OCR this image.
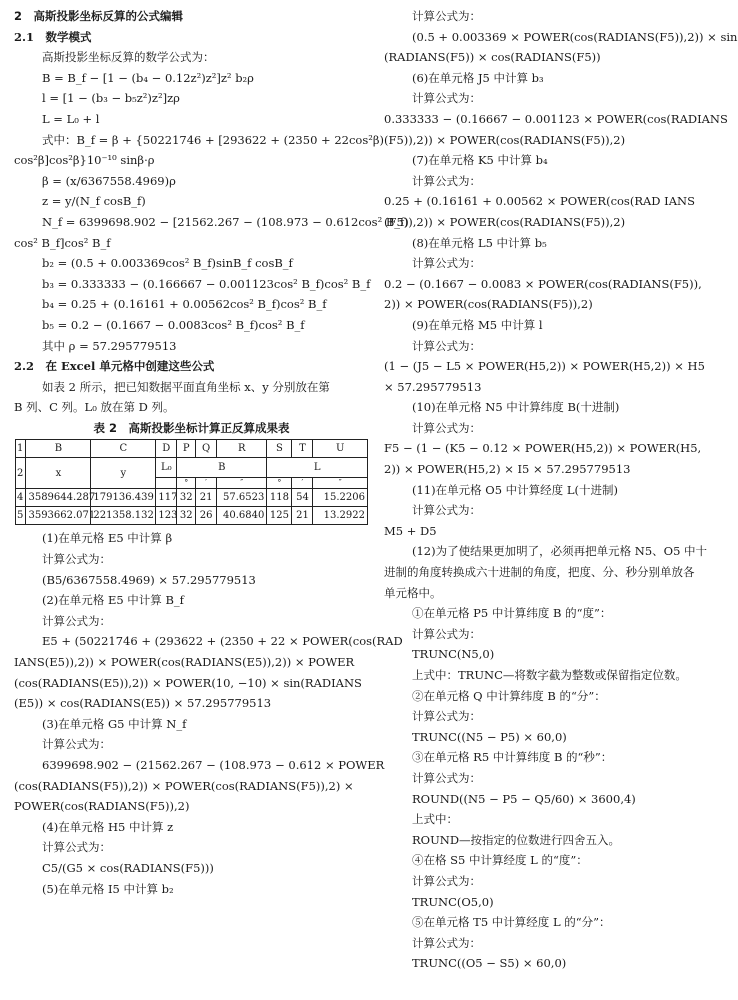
2　高斯投影坐标反算的公式编辑
2.1　数学模式
高斯投影坐标反算的数学公式为：
B = B_f − [1 − (b₄ − 0.12z²)z²]z² b₂ρ
l = [1 − (b₃ − b₅z²)z²]zρ
L = L₀ + l
式中：B_f = β + {50221746 + [293622 + (2350 + 22cos²β)
cos²β]cos²β}10⁻¹⁰ sinβ·ρ
β = (x/6367558.4969)ρ
z = y/(N_f cosB_f)
N_f = 6399698.902 − [21562.267 − (108.973 − 0.612cos² B_f)
cos² B_f]cos² B_f
b₂ = (0.5 + 0.003369cos² B_f)sinB_f cosB_f
b₃ = 0.333333 − (0.166667 − 0.001123cos² B_f)cos² B_f
b₄ = 0.25 + (0.16161 + 0.00562cos² B_f)cos² B_f
b₅ = 0.2 − (0.1667 − 0.0083cos² B_f)cos² B_f
其中 ρ = 57.295779513
2.2　在 Excel 单元格中创建这些公式
如表 2 所示，把已知数据平面直角坐标 x、y 分别放在第
B 列、C 列。L₀ 放在第 D 列。
表 2　高斯投影坐标计算正反算成果表
1	B	C	D	P	Q	R	S	T	U
2	x	y	L₀	B			L		
				°	′	″	°	′	″
4	3589644.287	179136.439	117	32	21	57.6523	118	54	15.2206
5	3593662.071	221358.132	123	32	26	40.6840	125	21	13.2922
(1)在单元格 E5 中计算 β
计算公式为：
(B5/6367558.4969) × 57.295779513
(2)在单元格 E5 中计算 B_f
计算公式为：
E5 + (50221746 + (293622 + (2350 + 22 × POWER(cos(RAD
IANS(E5)),2)) × POWER(cos(RADIANS(E5)),2)) × POWER
(cos(RADIANS(E5)),2)) × POWER(10, −10) × sin(RADIANS
(E5)) × cos(RADIANS(E5)) × 57.295779513
(3)在单元格 G5 中计算 N_f
计算公式为：
6399698.902 − (21562.267 − (108.973 − 0.612 × POWER
(cos(RADIANS(F5)),2)) × POWER(cos(RADIANS(F5)),2) ×
POWER(cos(RADIANS(F5)),2)
(4)在单元格 H5 中计算 z
计算公式为：
C5/(G5 × cos(RADIANS(F5)))
(5)在单元格 I5 中计算 b₂
计算公式为：
(0.5 + 0.003369 × POWER(cos(RADIANS(F5)),2)) × sin
(RADIANS(F5)) × cos(RADIANS(F5))
(6)在单元格 J5 中计算 b₃
计算公式为：
0.333333 − (0.16667 − 0.001123 × POWER(cos(RADIANS
(F5)),2)) × POWER(cos(RADIANS(F5)),2)
(7)在单元格 K5 中计算 b₄
计算公式为：
0.25 + (0.16161 + 0.00562 × POWER(cos(RAD IANS
(F5)),2)) × POWER(cos(RADIANS(F5)),2)
(8)在单元格 L5 中计算 b₅
计算公式为：
0.2 − (0.1667 − 0.0083 × POWER(cos(RADIANS(F5)),
2)) × POWER(cos(RADIANS(F5)),2)
(9)在单元格 M5 中计算 l
计算公式为：
(1 − (J5 − L5 × POWER(H5,2)) × POWER(H5,2)) × H5
× 57.295779513
(10)在单元格 N5 中计算纬度 B(十进制)
计算公式为：
F5 − (1 − (K5 − 0.12 × POWER(H5,2)) × POWER(H5,
2)) × POWER(H5,2) × I5 × 57.295779513
(11)在单元格 O5 中计算经度 L(十进制)
计算公式为：
M5 + D5
(12)为了使结果更加明了，必须再把单元格 N5、O5 中十
进制的角度转换成六十进制的角度，把度、分、秒分别单放各
单元格中。
①在单元格 P5 中计算纬度 B 的“度”：
计算公式为：
TRUNC(N5,0)
上式中：TRUNC—将数字截为整数或保留指定位数。
②在单元格 Q 中计算纬度 B 的“分”：
计算公式为：
TRUNC((N5 − P5) × 60,0)
③在单元格 R5 中计算纬度 B 的“秒”：
计算公式为：
ROUND((N5 − P5 − Q5/60) × 3600,4)
上式中：
ROUND—按指定的位数进行四舍五入。
④在格 S5 中计算经度 L 的“度”：
计算公式为：
TRUNC(O5,0)
⑤在单元格 T5 中计算经度 L 的“分”：
计算公式为：
TRUNC((O5 − S5) × 60,0)
